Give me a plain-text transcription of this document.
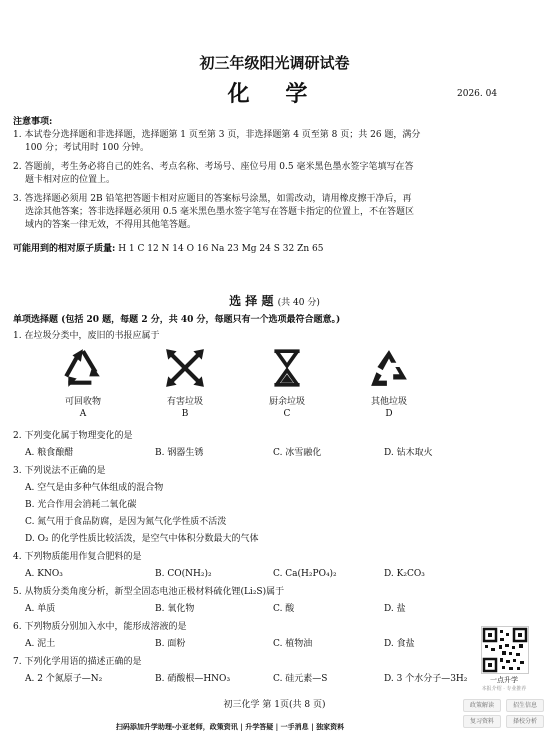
初三年级阳光调研试卷
化 学	2026. 04
注意事项:
1. 本试卷分选择题和非选择题，选择题第 1 页至第 3 页，非选择题第 4 页至第 8 页；共 26 题，满分
100 分；考试用时 100 分钟。
2. 答题前，考生务必将自己的姓名、考点名称、考场号、座位号用 0.5 毫米黑色墨水签字笔填写在答
题卡相对应的位置上。
3. 答选择题必须用 2B 铅笔把答题卡相对应题目的答案标号涂黑，如需改动，请用橡皮擦干净后，再
选涂其他答案；答非选择题必须用 0.5 毫米黑色墨水签字笔写在答题卡指定的位置上，不在答题区
域内的答案一律无效，不得用其他笔答题。
可能用到的相对原子质量: H 1 C 12 N 14 O 16 Na 23 Mg 24 S 32 Zn 65
选 择 题 (共 40 分)
单项选择题 (包括 20 题，每题 2 分，共 40 分，每题只有一个选项最符合题意。)
1. 在垃圾分类中，废旧的书报应属于
可回收物	有害垃圾	厨余垃圾	其他垃圾
A	B	C	D
2. 下列变化属于物理变化的是
A. 粮食酿醋	B. 钢器生锈	C. 冰雪融化	D. 钻木取火
3. 下列说法不正确的是
A. 空气是由多种气体组成的混合物
B. 光合作用会消耗二氧化碳
C. 氮气用于食品防腐，是因为氮气化学性质不活泼
D. O₂ 的化学性质比较活泼，是空气中体积分数最大的气体
4. 下列物质能用作复合肥料的是
A. KNO₃	B. CO(NH₂)₂	C. Ca(H₂PO₄)₂	D. K₂CO₃
5. 从物质分类角度分析，新型全固态电池正极材料硫化锂(Li₂S)属于
A. 单质	B. 氧化物	C. 酸	D. 盐
6. 下列物质分别加入水中，能形成溶液的是
A. 泥土	B. 面粉	C. 植物油	D. 食盐
7. 下列化学用语的描述正确的是
A. 2 个氮原子—N₂	B. 硝酸根—HNO₃	C. 硅元素—S	D. 3 个水分子—3H₂	一点升学
本报介绍 · 专业推荐
政策解读	招生信息
复习资料	择校分析
初三化学 第 1页(共 8 页)
扫码添加升学助理-小亚老师，政策资讯 | 升学答疑 | 一手消息 | 独家资料
